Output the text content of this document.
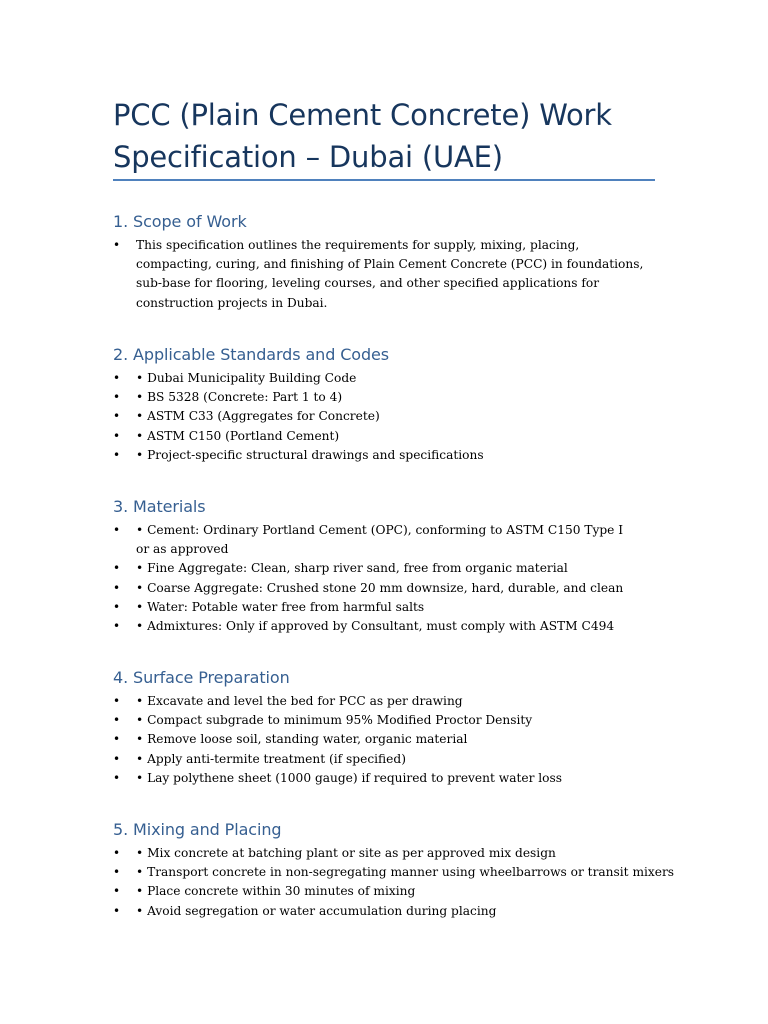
PCC (Plain Cement Concrete) Work Specification – Dubai (UAE)
1. Scope of Work
• This specification outlines the requirements for supply, mixing, placing, compacting, curing, and finishing of Plain Cement Concrete (PCC) in foundations, sub-base for flooring, leveling courses, and other specified applications for construction projects in Dubai.
2. Applicable Standards and Codes
• • Dubai Municipality Building Code
• • BS 5328 (Concrete: Part 1 to 4)
• • ASTM C33 (Aggregates for Concrete)
• • ASTM C150 (Portland Cement)
• • Project-specific structural drawings and specifications
3. Materials
• • Cement: Ordinary Portland Cement (OPC), conforming to ASTM C150 Type I or as approved
• • Fine Aggregate: Clean, sharp river sand, free from organic material
• • Coarse Aggregate: Crushed stone 20 mm downsize, hard, durable, and clean
• • Water: Potable water free from harmful salts
• • Admixtures: Only if approved by Consultant, must comply with ASTM C494
4. Surface Preparation
• • Excavate and level the bed for PCC as per drawing
• • Compact subgrade to minimum 95% Modified Proctor Density
• • Remove loose soil, standing water, organic material
• • Apply anti-termite treatment (if specified)
• • Lay polythene sheet (1000 gauge) if required to prevent water loss
5. Mixing and Placing
• • Mix concrete at batching plant or site as per approved mix design
• • Transport concrete in non-segregating manner using wheelbarrows or transit mixers
• • Place concrete within 30 minutes of mixing
• • Avoid segregation or water accumulation during placing
